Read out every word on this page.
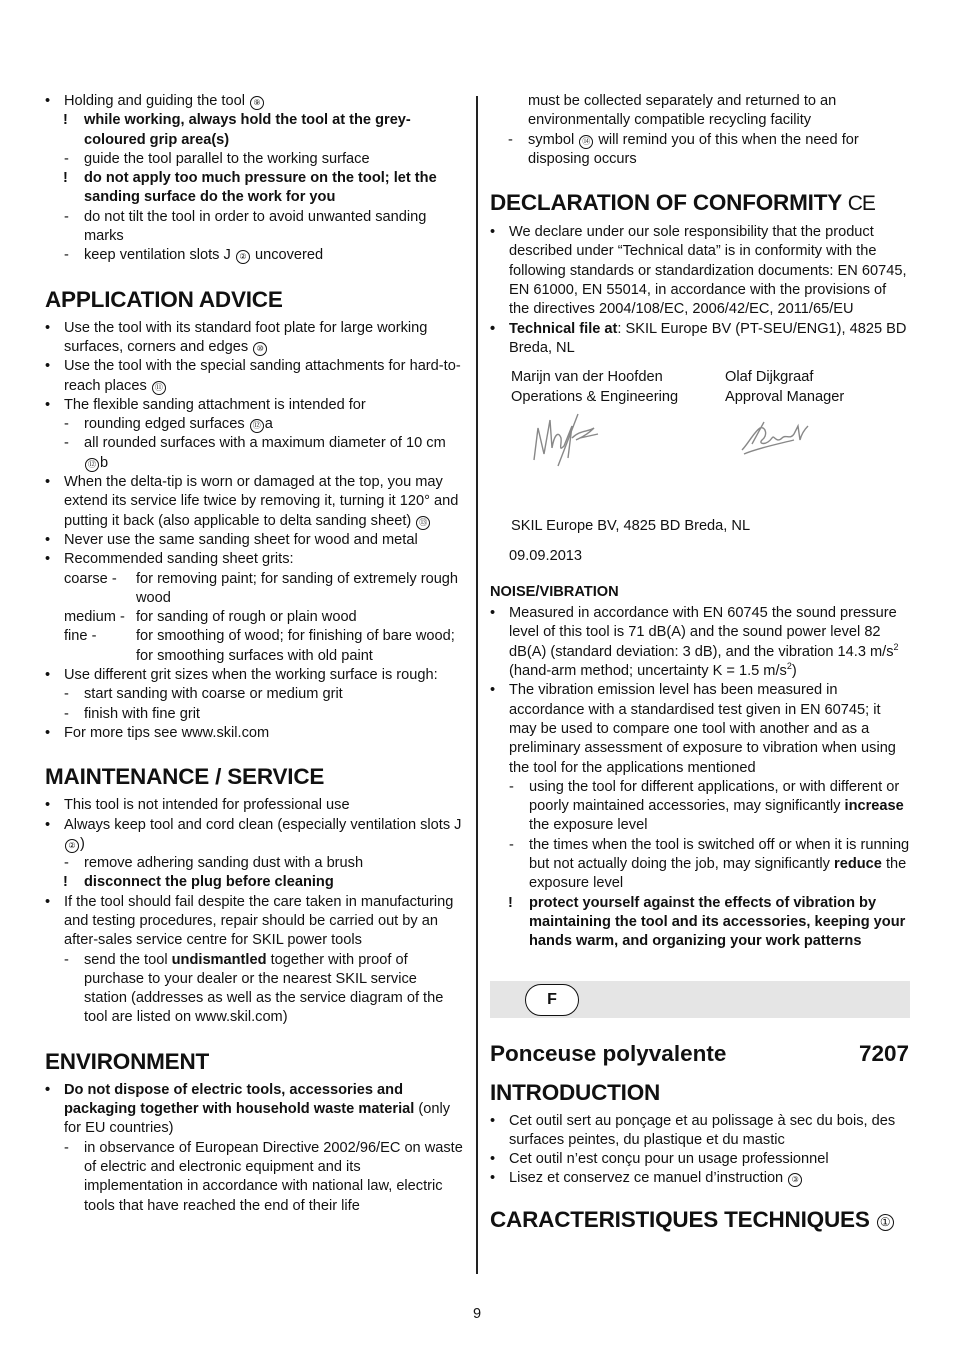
• Holding and guiding the tool ⑨
! while working, always hold the tool at the grey-coloured grip area(s)
- guide the tool parallel to the working surface
! do not apply too much pressure on the tool; let the sanding surface do the work for you
- do not tilt the tool in order to avoid unwanted sanding marks
- keep ventilation slots J ② uncovered
APPLICATION ADVICE
• Use the tool with its standard foot plate for large working surfaces, corners and edges ⑩
• Use the tool with the special sanding attachments for hard-to-reach places ⑪
• The flexible sanding attachment is intended for
- rounding edged surfaces ⑫ a
- all rounded surfaces with a maximum diameter of 10 cm ⑫ b
• When the delta-tip is worn or damaged at the top, you may extend its service life twice by removing it, turning it 120° and putting it back (also applicable to delta sanding sheet) ⑬
• Never use the same sanding sheet for wood and metal
• Recommended sanding sheet grits:
coarse - for removing paint; for sanding of extremely rough wood
medium - for sanding of rough or plain wood
fine -	for smoothing of wood; for finishing of bare wood; for smoothing surfaces with old paint
• Use different grit sizes when the working surface is rough:
- start sanding with coarse or medium grit
- finish with fine grit
• For more tips see www.skil.com
MAINTENANCE / SERVICE
• This tool is not intended for professional use
• Always keep tool and cord clean (especially ventilation slots J ② )
- remove adhering sanding dust with a brush
! disconnect the plug before cleaning
• If the tool should fail despite the care taken in manufacturing and testing procedures, repair should be carried out by an after-sales service centre for SKIL power tools
- send the tool undismantled together with proof of purchase to your dealer or the nearest SKIL service station (addresses as well as the service diagram of the tool are listed on www.skil.com)
ENVIRONMENT
• Do not dispose of electric tools, accessories and packaging together with household waste material (only for EU countries)
- in observance of European Directive 2002/96/EC on waste of electric and electronic equipment and its implementation in accordance with national law, electric tools that have reached the end of their life
must be collected separately and returned to an environmentally compatible recycling facility
- symbol ⑭ will remind you of this when the need for disposing occurs
DECLARATION OF CONFORMITY CE
• We declare under our sole responsibility that the product described under “Technical data” is in conformity with the following standards or standardization documents: EN 60745, EN 61000, EN 55014, in accordance with the provisions of the directives 2004/108/EC, 2006/42/EC, 2011/65/EU
• Technical file at: SKIL Europe BV (PT-SEU/ENG1), 4825 BD Breda, NL
Marijn van der Hoofden
Operations & Engineering
Olaf Dijkgraaf
Approval Manager
SKIL Europe BV, 4825 BD Breda, NL
09.09.2013
NOISE/VIBRATION
• Measured in accordance with EN 60745 the sound pressure level of this tool is 71 dB(A) and the sound power level 82 dB(A) (standard deviation: 3 dB), and the vibration 14.3 $m/s^2$ (hand-arm method; uncertainty K = 1.5 $m/s^2$)
• The vibration emission level has been measured in accordance with a standardised test given in EN 60745; it may be used to compare one tool with another and as a preliminary assessment of exposure to vibration when using the tool for the applications mentioned
- using the tool for different applications, or with different or poorly maintained accessories, may significantly increase the exposure level
- the times when the tool is switched off or when it is running but not actually doing the job, may significantly reduce the exposure level
! protect yourself against the effects of vibration by maintaining the tool and its accessories, keeping your hands warm, and organizing your work patterns
F
Ponceuse polyvalente	7207
INTRODUCTION
• Cet outil sert au ponçage et au polissage à sec du bois, des surfaces peintes, du plastique et du mastic
• Cet outil n’est conçu pour un usage professionnel
• Lisez et conservez ce manuel d’instruction ③
CARACTERISTIQUES TECHNIQUES ①
9
